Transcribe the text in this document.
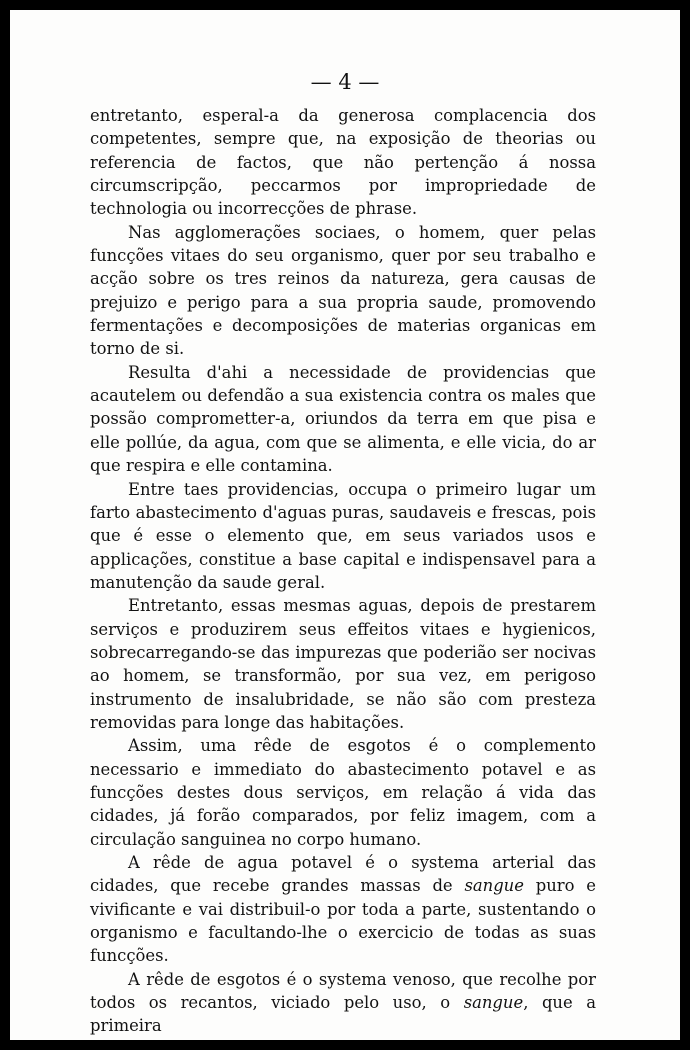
— 4 —

entretanto, esperal-a da generosa complacencia dos competentes, sempre que, na exposição de theorias ou referencia de factos, que não pertenção á nossa circumscripção, peccarmos por impropriedade de technologia ou incorrecções de phrase.

Nas agglomerações sociaes, o homem, quer pelas funcções vitaes do seu organismo, quer por seu trabalho e acção sobre os tres reinos da natureza, gera causas de prejuizo e perigo para a sua propria saude, promovendo fermentações e decomposições de materias organicas em torno de si.

Resulta d'ahi a necessidade de providencias que acautelem ou defendão a sua existencia contra os males que possão comprometter-a, oriundos da terra em que pisa e elle pollúe, da agua, com que se alimenta, e elle vicia, do ar que respira e elle contamina.

Entre taes providencias, occupa o primeiro lugar um farto abastecimento d'aguas puras, saudaveis e frescas, pois que é esse o elemento que, em seus variados usos e applicações, constitue a base capital e indispensavel para a manutenção da saude geral.

Entretanto, essas mesmas aguas, depois de prestarem serviços e produzirem seus effeitos vitaes e hygienicos, sobrecarregando-se das impurezas que poderião ser nocivas ao homem, se transformão, por sua vez, em perigoso instrumento de insalubridade, se não são com presteza removidas para longe das habitações.

Assim, uma rêde de esgotos é o complemento necessario e immediato do abastecimento potavel e as funcções destes dous serviços, em relação á vida das cidades, já forão comparados, por feliz imagem, com a circulação sanguinea no corpo humano.

A rêde de agua potavel é o systema arterial das cidades, que recebe grandes massas de sangue puro e vivificante e vai distribuil-o por toda a parte, sustentando o organismo e facultando-lhe o exercicio de todas as suas funcções.

A rêde de esgotos é o systema venoso, que recolhe por todos os recantos, viciado pelo uso, o sangue, que a primeira
